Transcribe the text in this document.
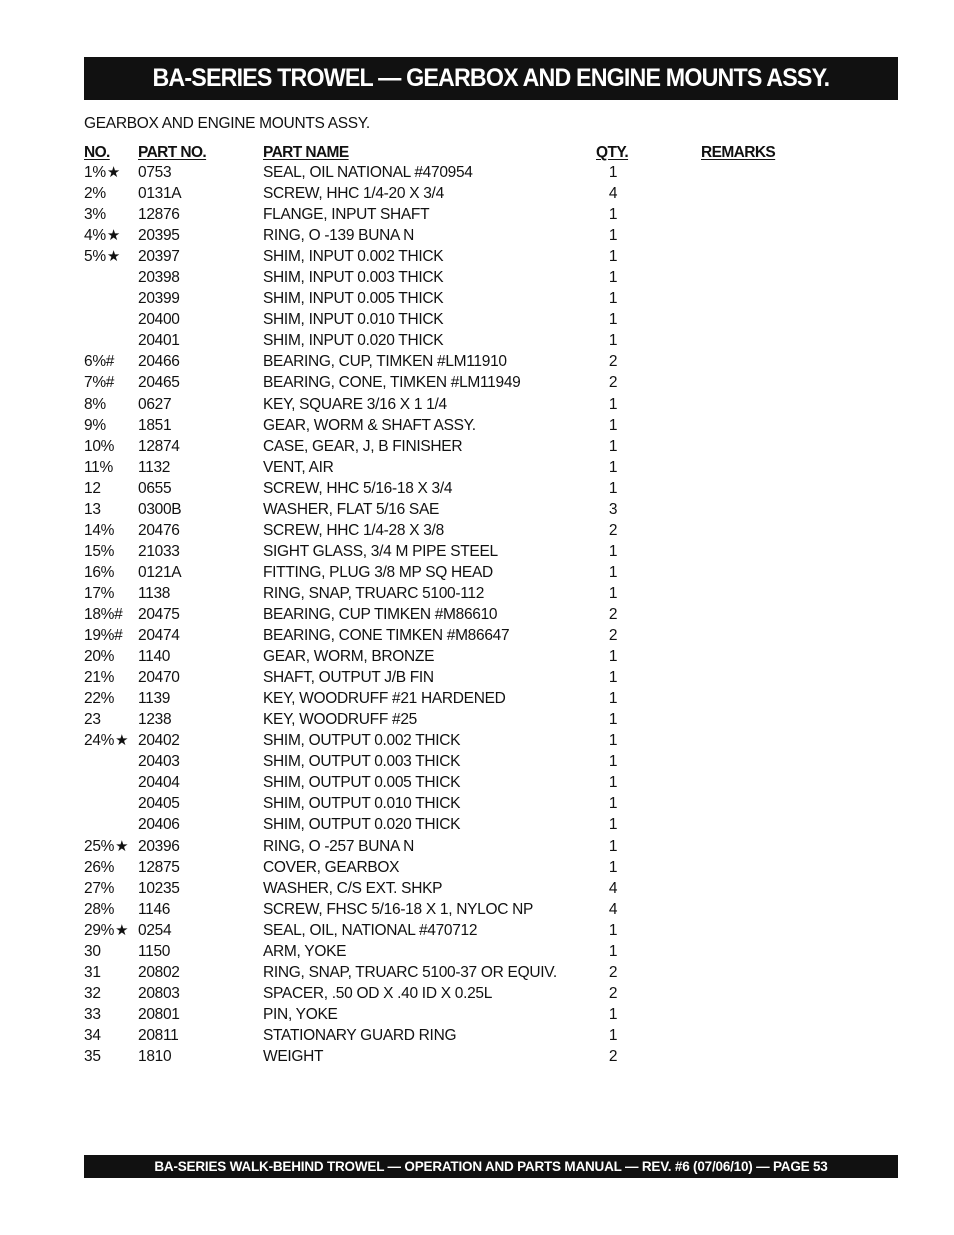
BA-SERIES TROWEL — GEARBOX AND ENGINE MOUNTS ASSY.
GEARBOX AND ENGINE MOUNTS ASSY.
NO. PART NO.	PART NAME	QTY.	REMARKS
1%★ 0753	SEAL, OIL NATIONAL #470954	1
2% 0131A	SCREW, HHC 1/4-20 X 3/4	4
3% 12876	FLANGE, INPUT SHAFT	1
4%★ 20395	RING, O -139 BUNA N	1
5%★ 20397	SHIM, INPUT 0.002 THICK	1
20398	SHIM, INPUT 0.003 THICK	1
20399	SHIM, INPUT 0.005 THICK	1
20400	SHIM, INPUT 0.010 THICK	1
20401	SHIM, INPUT 0.020 THICK	1
6%# 20466	BEARING, CUP, TIMKEN #LM11910	2
7%# 20465	BEARING, CONE, TIMKEN #LM11949	2
8% 0627	KEY, SQUARE 3/16 X 1 1/4	1
9% 1851	GEAR, WORM & SHAFT ASSY.	1
10% 12874	CASE, GEAR, J, B FINISHER	1
11% 1132	VENT, AIR	1
12 0655	SCREW, HHC 5/16-18 X 3/4	1
13 0300B	WASHER, FLAT 5/16 SAE	3
14% 20476	SCREW, HHC 1/4-28 X 3/8	2
15% 21033	SIGHT GLASS, 3/4 M PIPE STEEL	1
16% 0121A	FITTING, PLUG 3/8 MP SQ HEAD	1
17% 1138	RING, SNAP, TRUARC 5100-112	1
18%# 20475	BEARING, CUP TIMKEN #M86610	2
19%# 20474	BEARING, CONE TIMKEN #M86647	2
20% 1140	GEAR, WORM, BRONZE	1
21% 20470	SHAFT, OUTPUT J/B FIN	1
22% 1139	KEY, WOODRUFF #21 HARDENED	1
23 1238	KEY, WOODRUFF #25	1
24%★ 20402	SHIM, OUTPUT 0.002 THICK	1
20403	SHIM, OUTPUT 0.003 THICK	1
20404	SHIM, OUTPUT 0.005 THICK	1
20405	SHIM, OUTPUT 0.010 THICK	1
20406	SHIM, OUTPUT 0.020 THICK	1
25%★ 20396	RING, O -257 BUNA N	1
26% 12875	COVER, GEARBOX	1
27% 10235	WASHER, C/S EXT. SHKP	4
28% 1146	SCREW, FHSC 5/16-18 X 1, NYLOC NP	4
29%★ 0254	SEAL, OIL, NATIONAL #470712	1
30 1150	ARM, YOKE	1
31 20802	RING, SNAP, TRUARC 5100-37 OR EQUIV.	2
32 20803	SPACER, .50 OD X .40 ID X 0.25L	2
33 20801	PIN, YOKE	1
34 20811	STATIONARY GUARD RING	1
35 1810	WEIGHT	2
BA-SERIES WALK-BEHIND TROWEL — OPERATION AND PARTS MANUAL — REV. #6 (07/06/10) — PAGE 53
